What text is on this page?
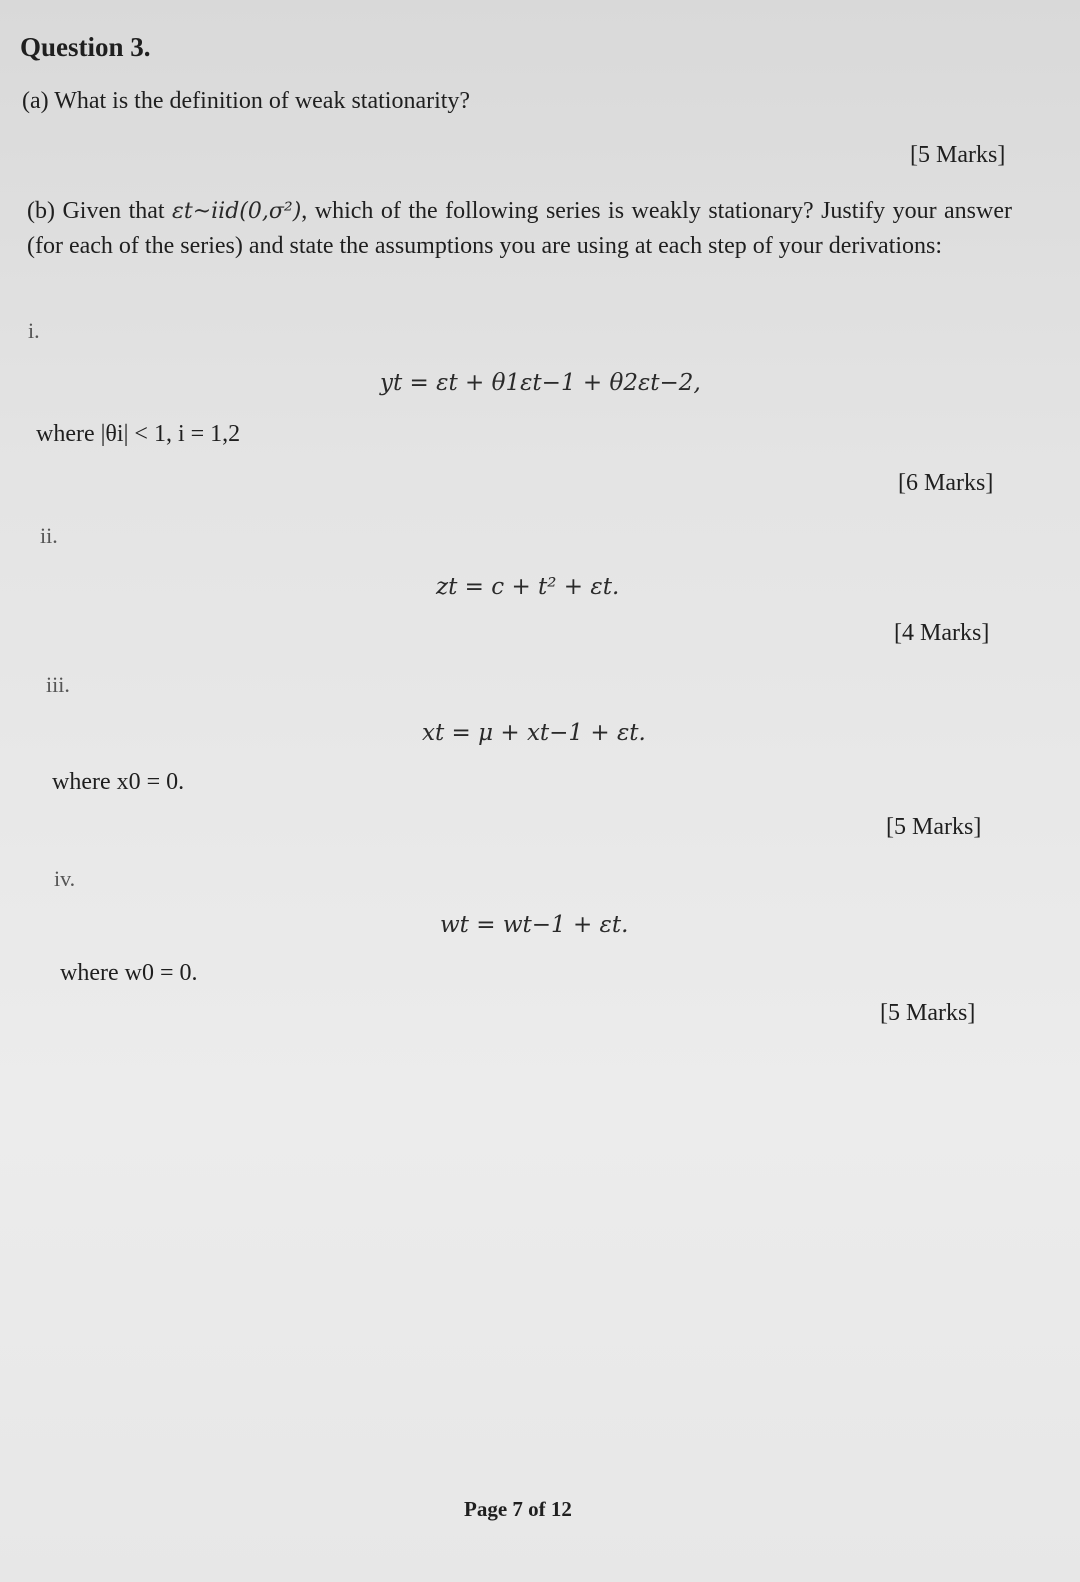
Question 3.
(a) What is the definition of weak stationarity?
[5 Marks]
(b) Given that εt~iid(0,σ²), which of the following series is weakly stationary? Justify your answer (for each of the series) and state the assumptions you are using at each step of your derivations:
i.
yt = εt + θ1εt−1 + θ2εt−2,
where |θi| < 1, i = 1,2
[6 Marks]
ii.
zt = c + t² + εt.
[4 Marks]
iii.
xt = μ + xt−1 + εt.
where x0 = 0.
[5 Marks]
iv.
wt = wt−1 + εt.
where w0 = 0.
[5 Marks]
Page 7 of 12
